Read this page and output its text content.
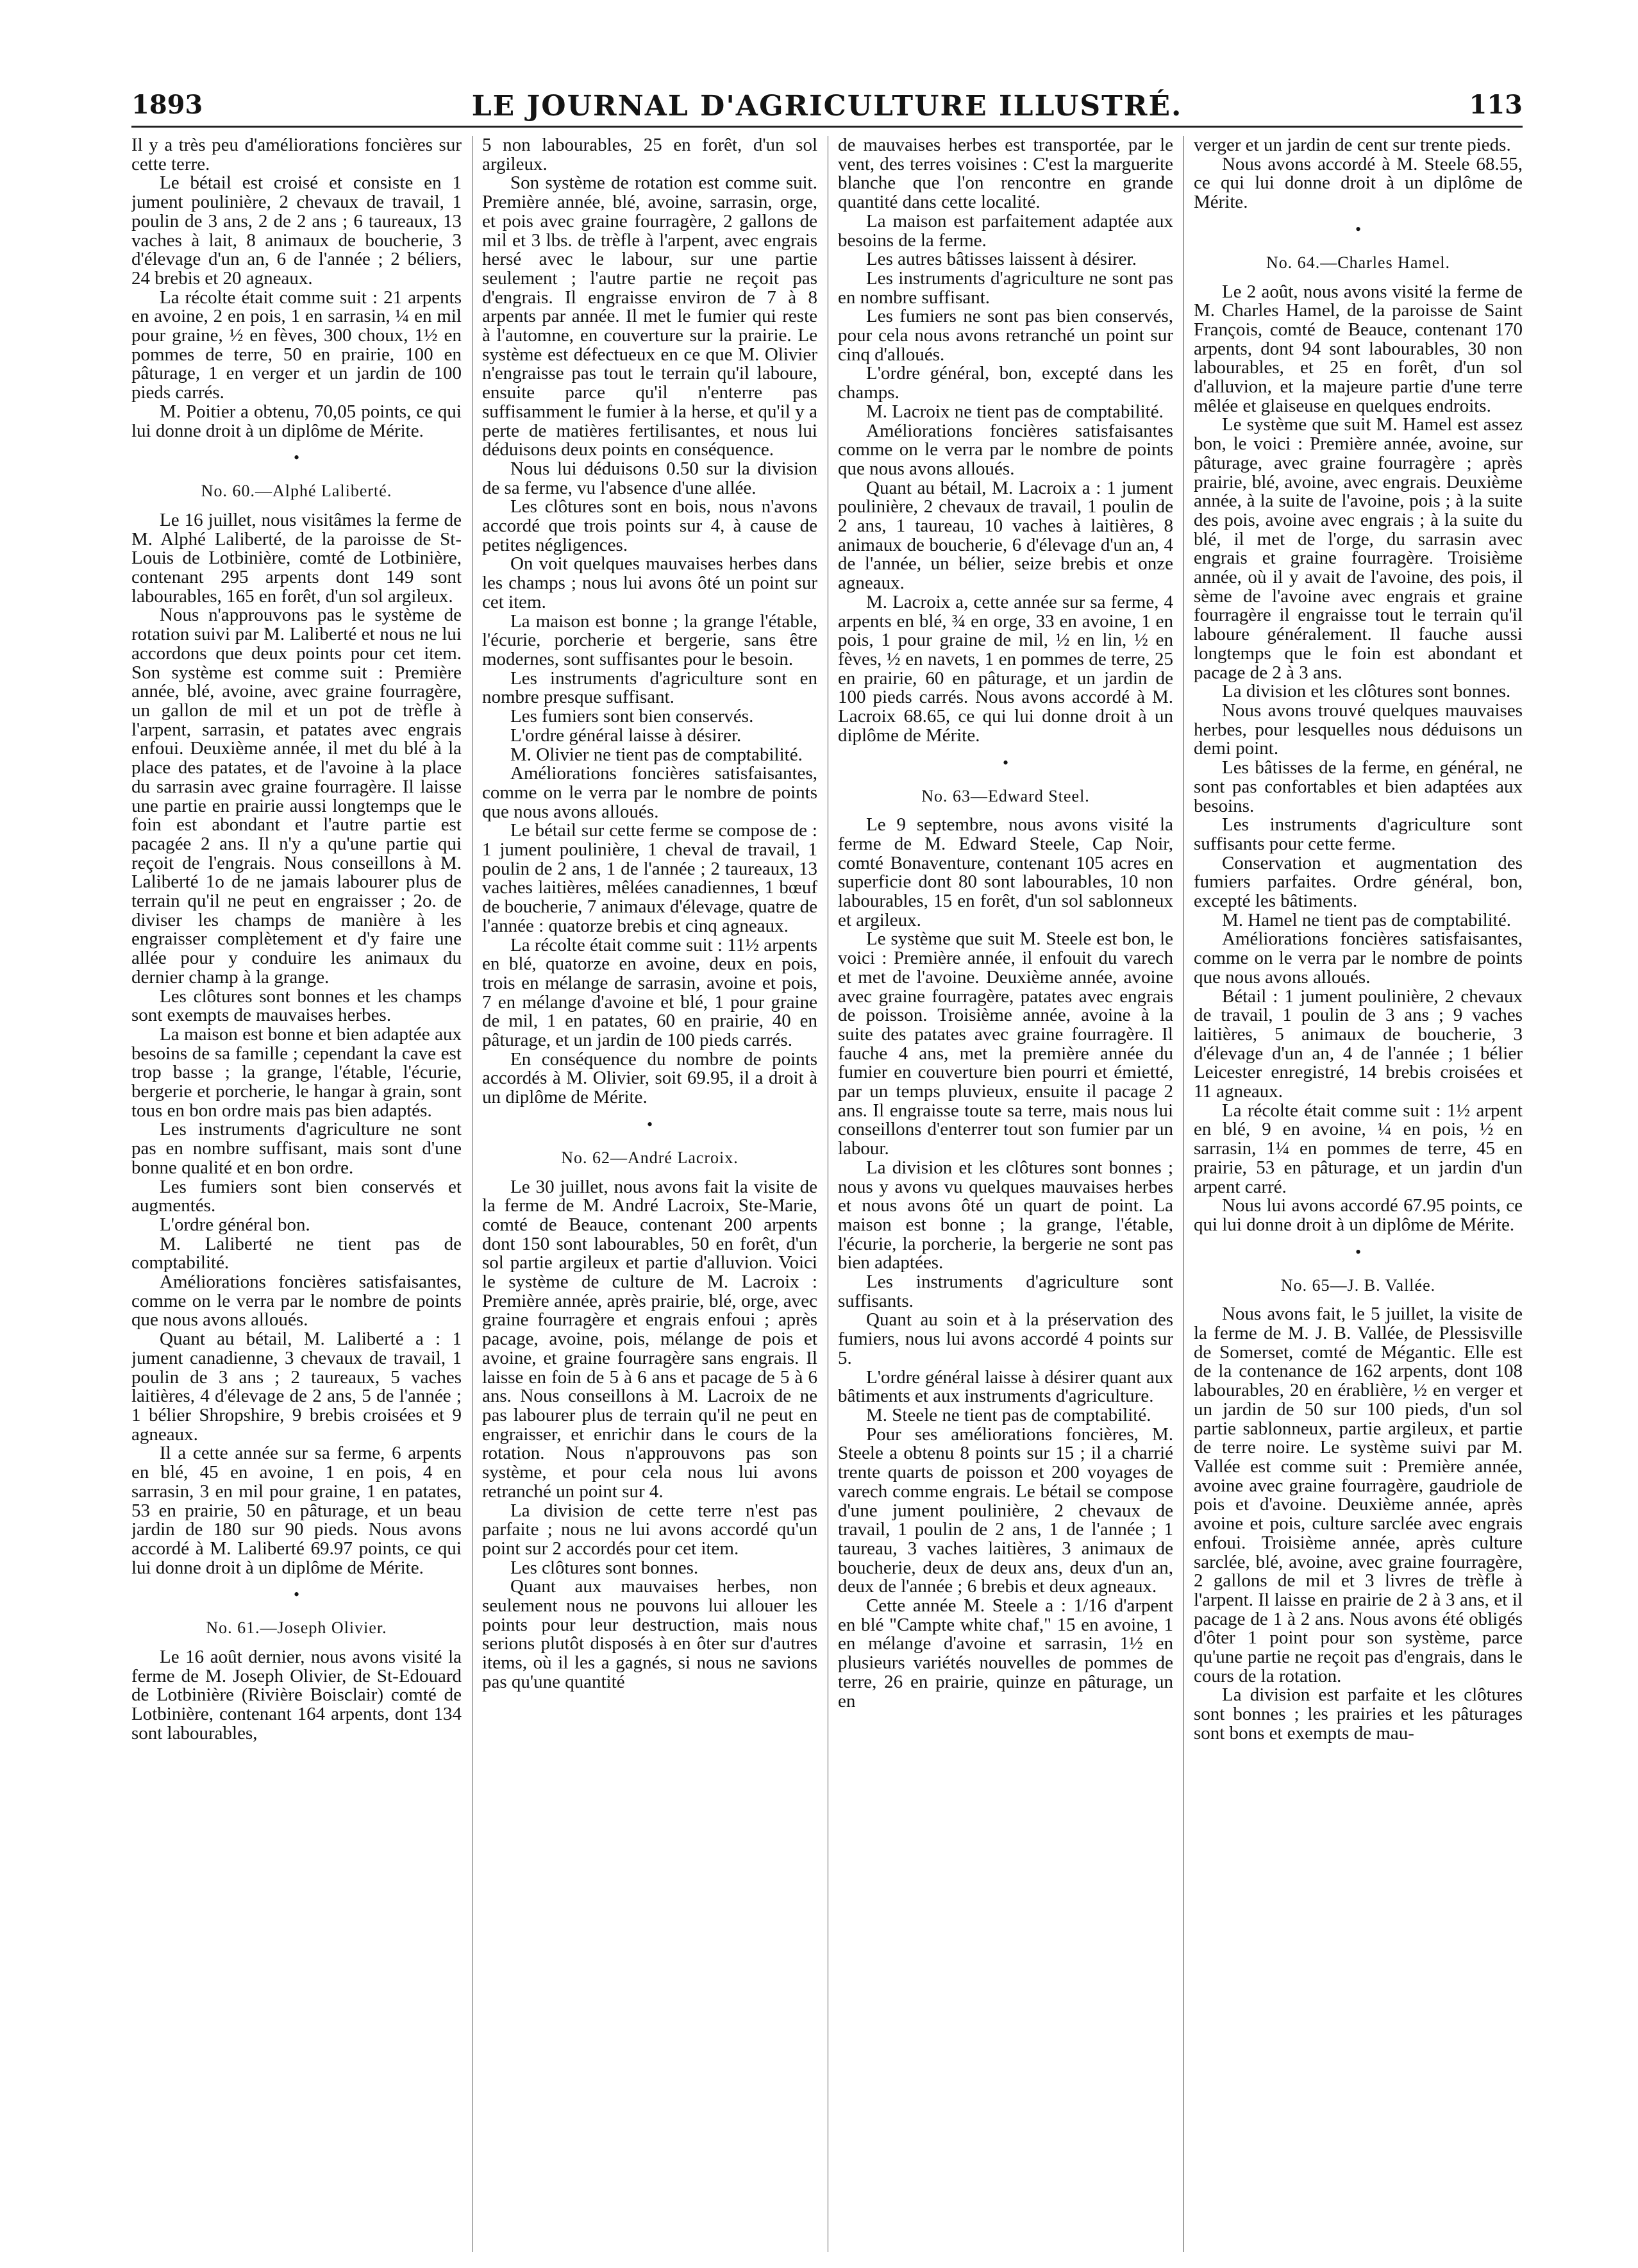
1893	LE JOURNAL D'AGRICULTURE ILLUSTRÉ.	113

Il y a très peu d'améliorations foncières sur cette terre.

Le bétail est croisé et consiste en 1 jument poulinière, 2 chevaux de travail, 1 poulin de 3 ans, 2 de 2 ans ; 6 taureaux, 13 vaches à lait, 8 animaux de boucherie, 3 d'élevage d'un an, 6 de l'année ; 2 béliers, 24 brebis et 20 agneaux.

La récolte était comme suit : 21 arpents en avoine, 2 en pois, 1 en sarrasin, ¼ en mil pour graine, ½ en fèves, 300 choux, 1½ en pommes de terre, 50 en prairie, 100 en pâturage, 1 en verger et un jardin de 100 pieds carrés.

M. Poitier a obtenu, 70,05 points, ce qui lui donne droit à un diplôme de Mérite.

•
No. 60.—Alphé Laliberté.

Le 16 juillet, nous visitâmes la ferme de M. Alphé Laliberté, de la paroisse de St-Louis de Lotbinière, comté de Lotbinière, contenant 295 arpents dont 149 sont labourables, 165 en forêt, d'un sol argileux.

Nous n'approuvons pas le système de rotation suivi par M. Laliberté et nous ne lui accordons que deux points pour cet item. Son système est comme suit : Première année, blé, avoine, avec graine fourragère, un gallon de mil et un pot de trèfle à l'arpent, sarrasin, et patates avec engrais enfoui. Deuxième année, il met du blé à la place des patates, et de l'avoine à la place du sarrasin avec graine fourragère. Il laisse une partie en prairie aussi longtemps que le foin est abondant et l'autre partie est pacagée 2 ans. Il n'y a qu'une partie qui reçoit de l'engrais. Nous conseillons à M. Laliberté 1o de ne jamais labourer plus de terrain qu'il ne peut en engraisser ; 2o. de diviser les champs de manière à les engraisser complètement et d'y faire une allée pour y conduire les animaux du dernier champ à la grange.

Les clôtures sont bonnes et les champs sont exempts de mauvaises herbes.

La maison est bonne et bien adaptée aux besoins de sa famille ; cependant la cave est trop basse ; la grange, l'étable, l'écurie, bergerie et porcherie, le hangar à grain, sont tous en bon ordre mais pas bien adaptés.

Les instruments d'agriculture ne sont pas en nombre suffisant, mais sont d'une bonne qualité et en bon ordre.

Les fumiers sont bien conservés et augmentés.

L'ordre général bon.

M. Laliberté ne tient pas de comptabilité.

Améliorations foncières satisfaisantes, comme on le verra par le nombre de points que nous avons alloués.

Quant au bétail, M. Laliberté a : 1 jument canadienne, 3 chevaux de travail, 1 poulin de 3 ans ; 2 taureaux, 5 vaches laitières, 4 d'élevage de 2 ans, 5 de l'année ; 1 bélier Shropshire, 9 brebis croisées et 9 agneaux.

Il a cette année sur sa ferme, 6 arpents en blé, 45 en avoine, 1 en pois, 4 en sarrasin, 3 en mil pour graine, 1 en patates, 53 en prairie, 50 en pâturage, et un beau jardin de 180 sur 90 pieds. Nous avons accordé à M. Laliberté 69.97 points, ce qui lui donne droit à un diplôme de Mérite.

•
No. 61.—Joseph Olivier.

Le 16 août dernier, nous avons visité la ferme de M. Joseph Olivier, de St-Edouard de Lotbinière (Rivière Boisclair) comté de Lotbinière, contenant 164 arpents, dont 134 sont labourables,

5 non labourables, 25 en forêt, d'un sol argileux.

Son système de rotation est comme suit. Première année, blé, avoine, sarrasin, orge, et pois avec graine fourragère, 2 gallons de mil et 3 lbs. de trèfle à l'arpent, avec engrais hersé avec le labour, sur une partie seulement ; l'autre partie ne reçoit pas d'engrais. Il engraisse environ de 7 à 8 arpents par année. Il met le fumier qui reste à l'automne, en couverture sur la prairie. Le système est défectueux en ce que M. Olivier n'engraisse pas tout le terrain qu'il laboure, ensuite parce qu'il n'enterre pas suffisamment le fumier à la herse, et qu'il y a perte de matières fertilisantes, et nous lui déduisons deux points en conséquence.

Nous lui déduisons 0.50 sur la division de sa ferme, vu l'absence d'une allée.

Les clôtures sont en bois, nous n'avons accordé que trois points sur 4, à cause de petites négligences.

On voit quelques mauvaises herbes dans les champs ; nous lui avons ôté un point sur cet item.

La maison est bonne ; la grange l'étable, l'écurie, porcherie et bergerie, sans être modernes, sont suffisantes pour le besoin.

Les instruments d'agriculture sont en nombre presque suffisant.

Les fumiers sont bien conservés.

L'ordre général laisse à désirer.

M. Olivier ne tient pas de comptabilité.

Améliorations foncières satisfaisantes, comme on le verra par le nombre de points que nous avons alloués.

Le bétail sur cette ferme se compose de : 1 jument poulinière, 1 cheval de travail, 1 poulin de 2 ans, 1 de l'année ; 2 taureaux, 13 vaches laitières, mêlées canadiennes, 1 bœuf de boucherie, 7 animaux d'élevage, quatre de l'année : quatorze brebis et cinq agneaux.

La récolte était comme suit : 11½ arpents en blé, quatorze en avoine, deux en pois, trois en mélange de sarrasin, avoine et pois, 7 en mélange d'avoine et blé, 1 pour graine de mil, 1 en patates, 60 en prairie, 40 en pâturage, et un jardin de 100 pieds carrés.

En conséquence du nombre de points accordés à M. Olivier, soit 69.95, il a droit à un diplôme de Mérite.

•
No. 62—André Lacroix.

Le 30 juillet, nous avons fait la visite de la ferme de M. André Lacroix, Ste-Marie, comté de Beauce, contenant 200 arpents dont 150 sont labourables, 50 en forêt, d'un sol partie argileux et partie d'alluvion. Voici le système de culture de M. Lacroix : Première année, après prairie, blé, orge, avec graine fourragère et engrais enfoui ; après pacage, avoine, pois, mélange de pois et avoine, et graine fourragère sans engrais. Il laisse en foin de 5 à 6 ans et pacage de 5 à 6 ans. Nous conseillons à M. Lacroix de ne pas labourer plus de terrain qu'il ne peut en engraisser, et enrichir dans le cours de la rotation. Nous n'approuvons pas son système, et pour cela nous lui avons retranché un point sur 4.

La division de cette terre n'est pas parfaite ; nous ne lui avons accordé qu'un point sur 2 accordés pour cet item.

Les clôtures sont bonnes.

Quant aux mauvaises herbes, non seulement nous ne pouvons lui allouer les points pour leur destruction, mais nous serions plutôt disposés à en ôter sur d'autres items, où il les a gagnés, si nous ne savions pas qu'une quantité

de mauvaises herbes est transportée, par le vent, des terres voisines : C'est la marguerite blanche que l'on rencontre en grande quantité dans cette localité.

La maison est parfaitement adaptée aux besoins de la ferme.

Les autres bâtisses laissent à désirer.

Les instruments d'agriculture ne sont pas en nombre suffisant.

Les fumiers ne sont pas bien conservés, pour cela nous avons retranché un point sur cinq d'alloués.

L'ordre général, bon, excepté dans les champs.

M. Lacroix ne tient pas de comptabilité.

Améliorations foncières satisfaisantes comme on le verra par le nombre de points que nous avons alloués.

Quant au bétail, M. Lacroix a : 1 jument poulinière, 2 chevaux de travail, 1 poulin de 2 ans, 1 taureau, 10 vaches à laitières, 8 animaux de boucherie, 6 d'élevage d'un an, 4 de l'année, un bélier, seize brebis et onze agneaux.

M. Lacroix a, cette année sur sa ferme, 4 arpents en blé, ¾ en orge, 33 en avoine, 1 en pois, 1 pour graine de mil, ½ en lin, ½ en fèves, ½ en navets, 1 en pommes de terre, 25 en prairie, 60 en pâturage, et un jardin de 100 pieds carrés. Nous avons accordé à M. Lacroix 68.65, ce qui lui donne droit à un diplôme de Mérite.

•
No. 63—Edward Steel.

Le 9 septembre, nous avons visité la ferme de M. Edward Steele, Cap Noir, comté Bonaventure, contenant 105 acres en superficie dont 80 sont labourables, 10 non labourables, 15 en forêt, d'un sol sablonneux et argileux.

Le système que suit M. Steele est bon, le voici : Première année, il enfouit du varech et met de l'avoine. Deuxième année, avoine avec graine fourragère, patates avec engrais de poisson. Troisième année, avoine à la suite des patates avec graine fourragère. Il fauche 4 ans, met la première année du fumier en couverture bien pourri et émietté, par un temps pluvieux, ensuite il pacage 2 ans. Il engraisse toute sa terre, mais nous lui conseillons d'enterrer tout son fumier par un labour.

La division et les clôtures sont bonnes ; nous y avons vu quelques mauvaises herbes et nous avons ôté un quart de point. La maison est bonne ; la grange, l'étable, l'écurie, la porcherie, la bergerie ne sont pas bien adaptées.

Les instruments d'agriculture sont suffisants.

Quant au soin et à la préservation des fumiers, nous lui avons accordé 4 points sur 5.

L'ordre général laisse à désirer quant aux bâtiments et aux instruments d'agriculture.

M. Steele ne tient pas de comptabilité.

Pour ses améliorations foncières, M. Steele a obtenu 8 points sur 15 ; il a charrié trente quarts de poisson et 200 voyages de varech comme engrais. Le bétail se compose d'une jument poulinière, 2 chevaux de travail, 1 poulin de 2 ans, 1 de l'année ; 1 taureau, 3 vaches laitières, 3 animaux de boucherie, deux de deux ans, deux d'un an, deux de l'année ; 6 brebis et deux agneaux.

Cette année M. Steele a : 1/16 d'arpent en blé "Campte white chaf," 15 en avoine, 1 en mélange d'avoine et sarrasin, 1½ en plusieurs variétés nouvelles de pommes de terre, 26 en prairie, quinze en pâturage, un en

verger et un jardin de cent sur trente pieds.

Nous avons accordé à M. Steele 68.55, ce qui lui donne droit à un diplôme de Mérite.

•
No. 64.—Charles Hamel.

Le 2 août, nous avons visité la ferme de M. Charles Hamel, de la paroisse de Saint François, comté de Beauce, contenant 170 arpents, dont 94 sont labourables, 30 non labourables, et 25 en forêt, d'un sol d'alluvion, et la majeure partie d'une terre mêlée et glaiseuse en quelques endroits.

Le système que suit M. Hamel est assez bon, le voici : Première année, avoine, sur pâturage, avec graine fourragère ; après prairie, blé, avoine, avec engrais. Deuxième année, à la suite de l'avoine, pois ; à la suite des pois, avoine avec engrais ; à la suite du blé, il met de l'orge, du sarrasin avec engrais et graine fourragère. Troisième année, où il y avait de l'avoine, des pois, il sème de l'avoine avec engrais et graine fourragère il engraisse tout le terrain qu'il laboure généralement. Il fauche aussi longtemps que le foin est abondant et pacage de 2 à 3 ans.

La division et les clôtures sont bonnes.

Nous avons trouvé quelques mauvaises herbes, pour lesquelles nous déduisons un demi point.

Les bâtisses de la ferme, en général, ne sont pas confortables et bien adaptées aux besoins.

Les instruments d'agriculture sont suffisants pour cette ferme.

Conservation et augmentation des fumiers parfaites. Ordre général, bon, excepté les bâtiments.

M. Hamel ne tient pas de comptabilité.

Améliorations foncières satisfaisantes, comme on le verra par le nombre de points que nous avons alloués.

Bétail : 1 jument poulinière, 2 chevaux de travail, 1 poulin de 3 ans ; 9 vaches laitières, 5 animaux de boucherie, 3 d'élevage d'un an, 4 de l'année ; 1 bélier Leicester enregistré, 14 brebis croisées et 11 agneaux.

La récolte était comme suit : 1½ arpent en blé, 9 en avoine, ¼ en pois, ½ en sarrasin, 1¼ en pommes de terre, 45 en prairie, 53 en pâturage, et un jardin d'un arpent carré.

Nous lui avons accordé 67.95 points, ce qui lui donne droit à un diplôme de Mérite.

•
No. 65—J. B. Vallée.

Nous avons fait, le 5 juillet, la visite de la ferme de M. J. B. Vallée, de Plessisville de Somerset, comté de Mégantic. Elle est de la contenance de 162 arpents, dont 108 labourables, 20 en érablière, ½ en verger et un jardin de 50 sur 100 pieds, d'un sol partie sablonneux, partie argileux, et partie de terre noire. Le système suivi par M. Vallée est comme suit : Première année, avoine avec graine fourragère, gaudriole de pois et d'avoine. Deuxième année, après avoine et pois, culture sarclée avec engrais enfoui. Troisième année, après culture sarclée, blé, avoine, avec graine fourragère, 2 gallons de mil et 3 livres de trèfle à l'arpent. Il laisse en prairie de 2 à 3 ans, et il pacage de 1 à 2 ans. Nous avons été obligés d'ôter 1 point pour son système, parce qu'une partie ne reçoit pas d'engrais, dans le cours de la rotation.

La division est parfaite et les clôtures sont bonnes ; les prairies et les pâturages sont bons et exempts de mau-
